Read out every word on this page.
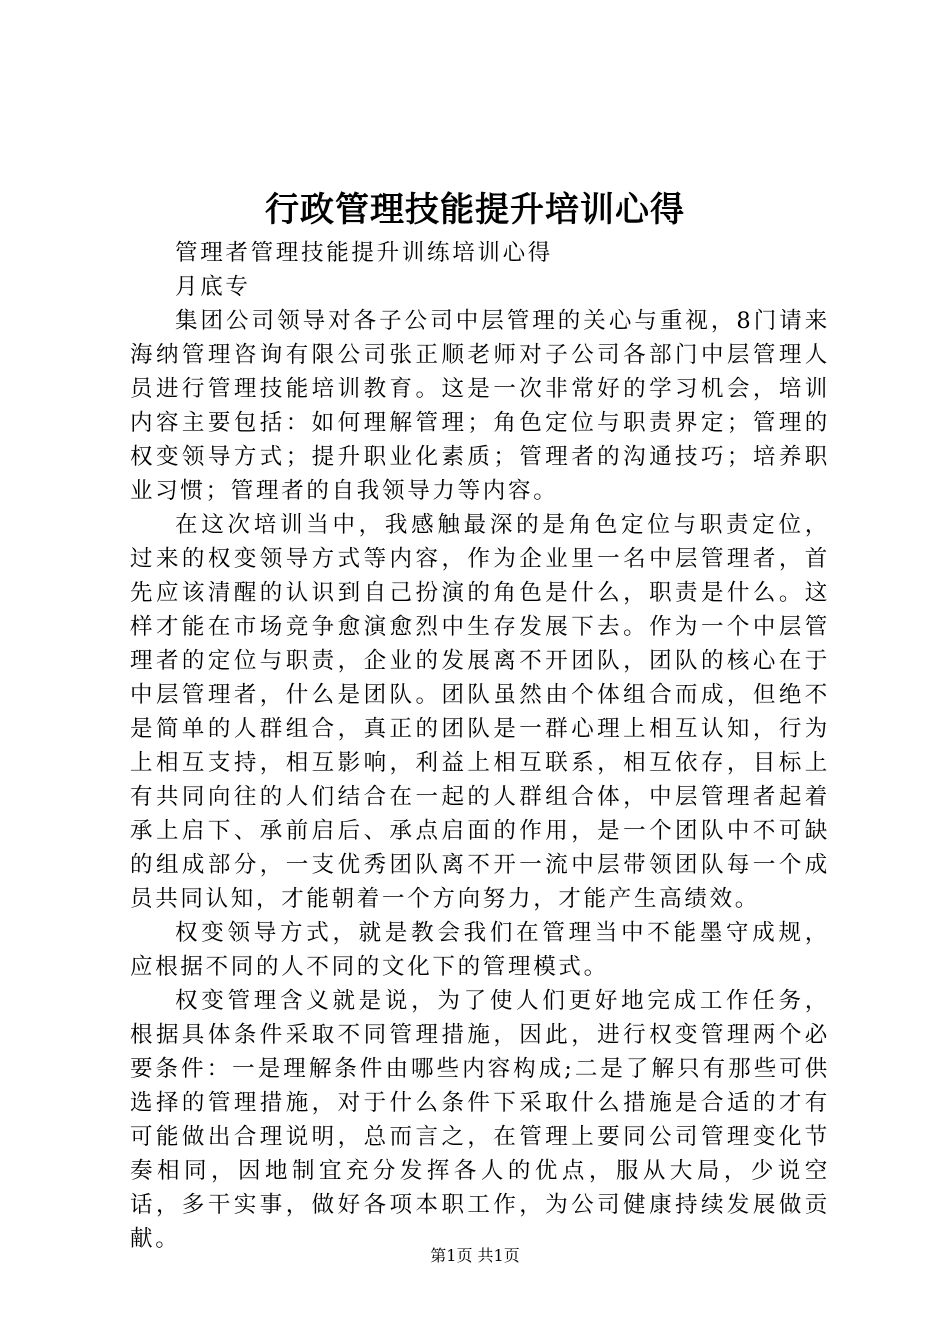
行政管理技能提升培训心得

管理者管理技能提升训练培训心得

月底专

集团公司领导对各子公司中层管理的关心与重视，8门请来海纳管理咨询有限公司张正顺老师对子公司各部门中层管理人员进行管理技能培训教育。这是一次非常好的学习机会，培训内容主要包括：如何理解管理；角色定位与职责界定；管理的权变领导方式；提升职业化素质；管理者的沟通技巧；培养职业习惯；管理者的自我领导力等内容。

在这次培训当中，我感触最深的是角色定位与职责定位，过来的权变领导方式等内容，作为企业里一名中层管理者，首先应该清醒的认识到自己扮演的角色是什么，职责是什么。这样才能在市场竞争愈演愈烈中生存发展下去。作为一个中层管理者的定位与职责，企业的发展离不开团队，团队的核心在于中层管理者，什么是团队。团队虽然由个体组合而成，但绝不是简单的人群组合，真正的团队是一群心理上相互认知，行为上相互支持，相互影响，利益上相互联系，相互依存，目标上有共同向往的人们结合在一起的人群组合体，中层管理者起着承上启下、承前启后、承点启面的作用，是一个团队中不可缺的组成部分，一支优秀团队离不开一流中层带领团队每一个成员共同认知，才能朝着一个方向努力，才能产生高绩效。

权变领导方式，就是教会我们在管理当中不能墨守成规，应根据不同的人不同的文化下的管理模式。

权变管理含义就是说，为了使人们更好地完成工作任务，根据具体条件采取不同管理措施，因此，进行权变管理两个必要条件：一是理解条件由哪些内容构成;二是了解只有那些可供选择的管理措施，对于什么条件下采取什么措施是合适的才有可能做出合理说明，总而言之，在管理上要同公司管理变化节奏相同，因地制宜充分发挥各人的优点，服从大局，少说空话，多干实事，做好各项本职工作，为公司健康持续发展做贡献。

第1页 共1页
